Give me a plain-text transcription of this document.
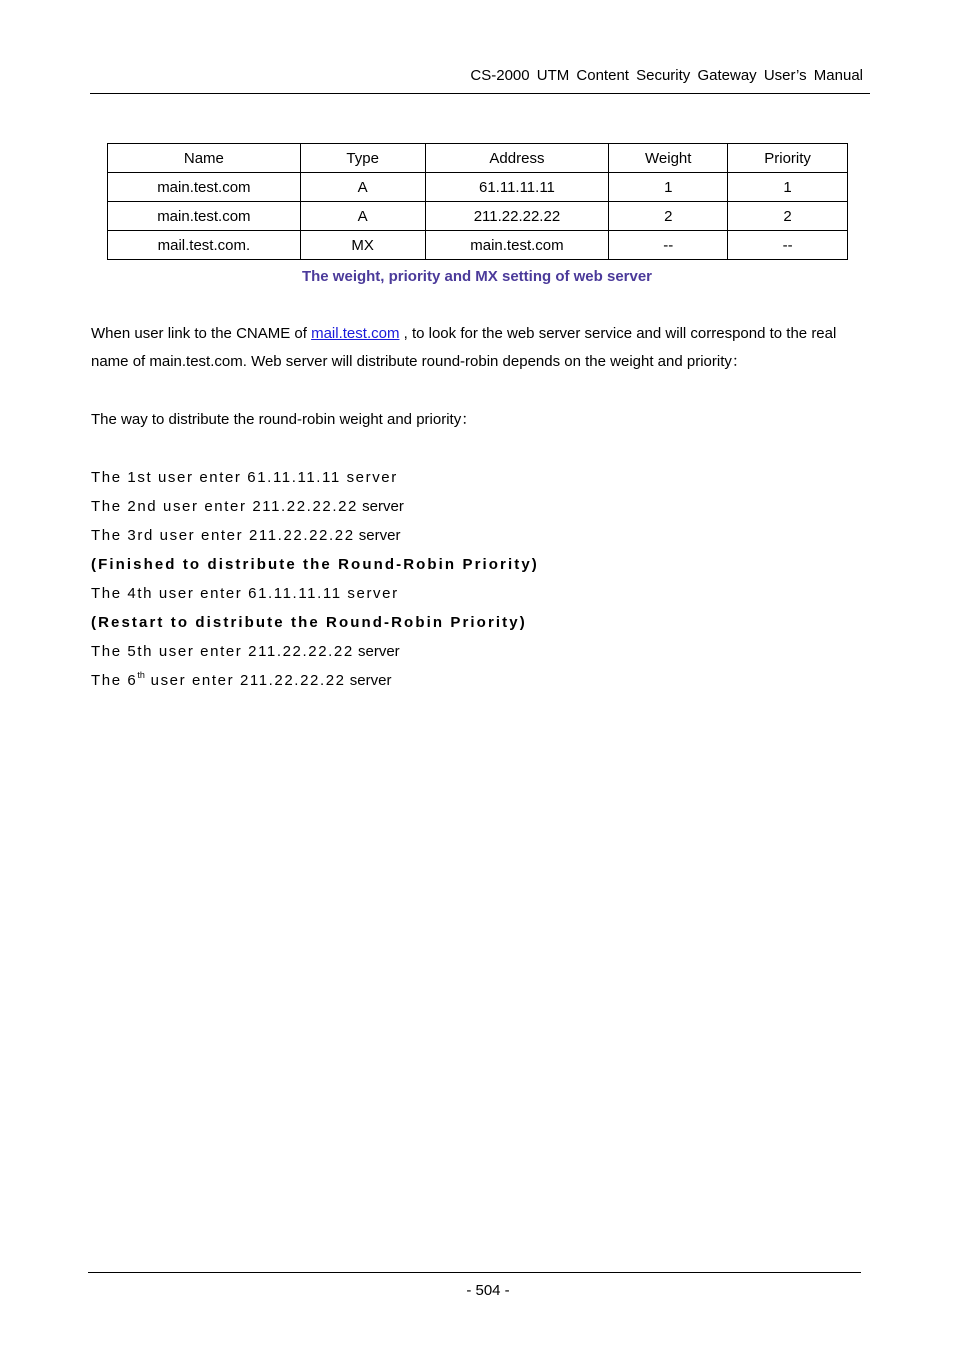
CS-2000 UTM Content Security Gateway User’s Manual
Name	Type	Address	Weight	Priority
main.test.com	A	61.11.11.11	1	1
main.test.com	A	211.22.22.22	2	2
mail.test.com.	MX	main.test.com	--	--
The weight, priority and MX setting of web server
When user link to the CNAME of mail.test.com , to look for the web server service and will correspond to the real name of main.test.com. Web server will distribute round-robin depends on the weight and priority：
The way to distribute the round-robin weight and priority：
The 1st user enter 61.11.11.11 server
The 2nd user enter 211.22.22.22 server
The 3rd user enter 211.22.22.22 server
(Finished to distribute the Round-Robin Priority)
The 4th user enter 61.11.11.11 server
(Restart to distribute the Round-Robin Priority)
The 5th user enter 211.22.22.22 server
The 6th user enter 211.22.22.22 server
- 504 -
